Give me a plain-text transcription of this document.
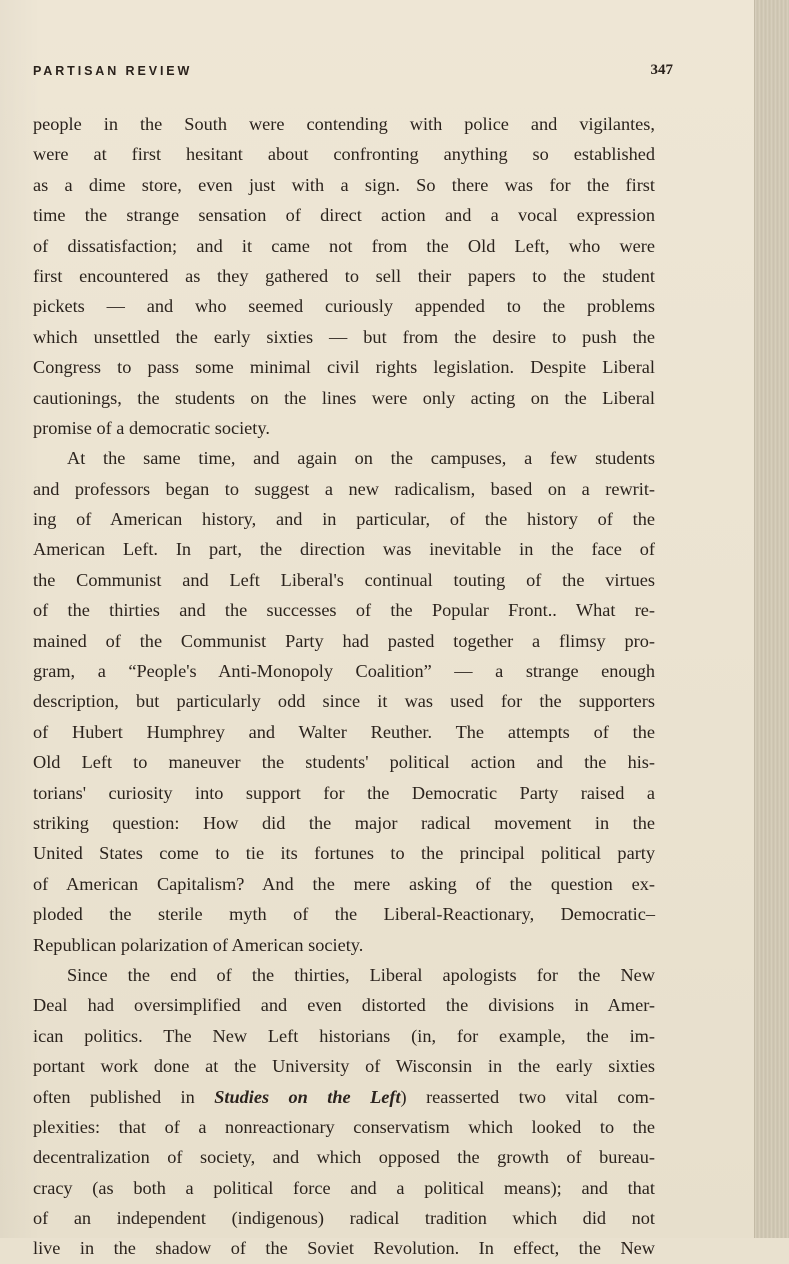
PARTISAN REVIEW	347
people in the South were contending with police and vigilantes,
were at first hesitant about confronting anything so established
as a dime store, even just with a sign. So there was for the first
time the strange sensation of direct action and a vocal expression
of dissatisfaction; and it came not from the Old Left, who were
first encountered as they gathered to sell their papers to the student
pickets — and who seemed curiously appended to the problems
which unsettled the early sixties — but from the desire to push the
Congress to pass some minimal civil rights legislation. Despite Liberal
cautionings, the students on the lines were only acting on the Liberal
promise of a democratic society.
At the same time, and again on the campuses, a few students
and professors began to suggest a new radicalism, based on a rewrit-
ing of American history, and in particular, of the history of the
American Left. In part, the direction was inevitable in the face of
the Communist and Left Liberal's continual touting of the virtues
of the thirties and the successes of the Popular Front.. What re-
mained of the Communist Party had pasted together a flimsy pro-
gram, a “People's Anti-Monopoly Coalition” — a strange enough
description, but particularly odd since it was used for the supporters
of Hubert Humphrey and Walter Reuther. The attempts of the
Old Left to maneuver the students' political action and the his-
torians' curiosity into support for the Democratic Party raised a
striking question: How did the major radical movement in the
United States come to tie its fortunes to the principal political party
of American Capitalism? And the mere asking of the question ex-
ploded the sterile myth of the Liberal-Reactionary, Democratic–
Republican polarization of American society.
Since the end of the thirties, Liberal apologists for the New
Deal had oversimplified and even distorted the divisions in Amer-
ican politics. The New Left historians (in, for example, the im-
portant work done at the University of Wisconsin in the early sixties
often published in Studies on the Left) reasserted two vital com-
plexities: that of a nonreactionary conservatism which looked to the
decentralization of society, and which opposed the growth of bureau-
cracy (as both a political force and a political means); and that
of an independent (indigenous) radical tradition which did not
live in the shadow of the Soviet Revolution. In effect, the New
